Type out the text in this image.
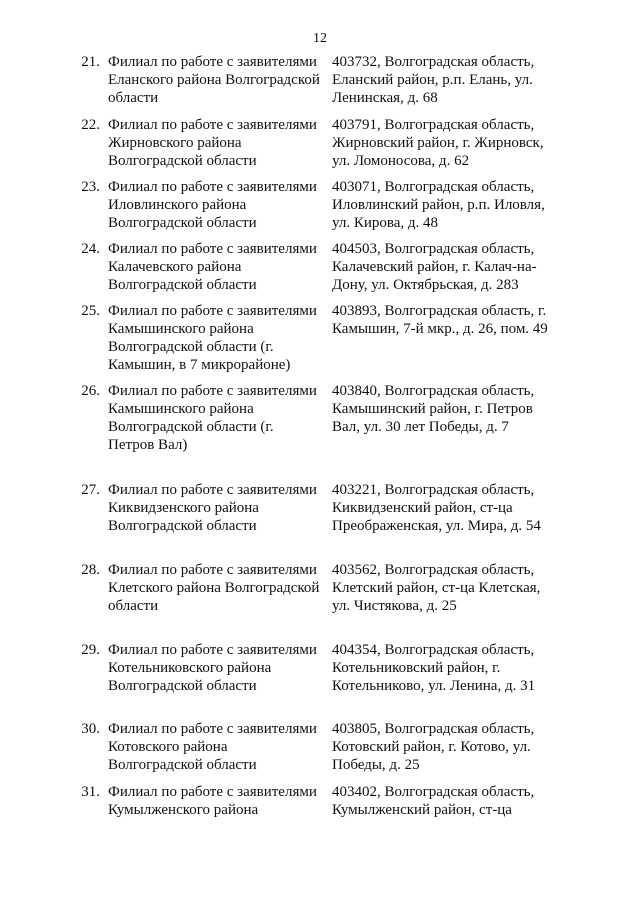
12
21. Филиал по работе с заявителями
Еланского района Волгоградской
области
403732, Волгоградская область,
Еланский район, р.п. Елань, ул.
Ленинская, д. 68
22. Филиал по работе с заявителями
Жирновского района
Волгоградской области
403791, Волгоградская область,
Жирновский район, г. Жирновск,
ул. Ломоносова, д. 62
23. Филиал по работе с заявителями
Иловлинского района
Волгоградской области
403071, Волгоградская область,
Иловлинский район, р.п. Иловля,
ул. Кирова, д. 48
24. Филиал по работе с заявителями
Калачевского района
Волгоградской области
404503, Волгоградская область,
Калачевский район, г. Калач-на-
Дону, ул. Октябрьская, д. 283
25. Филиал по работе с заявителями
Камышинского района
Волгоградской области (г.
Камышин, в 7 микрорайоне)
403893, Волгоградская область, г.
Камышин, 7-й мкр., д. 26, пом. 49
26. Филиал по работе с заявителями
Камышинского района
Волгоградской области (г.
Петров Вал)
403840, Волгоградская область,
Камышинский район, г. Петров
Вал, ул. 30 лет Победы, д. 7
27. Филиал по работе с заявителями
Киквидзенского района
Волгоградской области
403221, Волгоградская область,
Киквидзенский район, ст-ца
Преображенская, ул. Мира, д. 54
28. Филиал по работе с заявителями
Клетского района Волгоградской
области
403562, Волгоградская область,
Клетский район, ст-ца Клетская,
ул. Чистякова, д. 25
29. Филиал по работе с заявителями
Котельниковского района
Волгоградской области
404354, Волгоградская область,
Котельниковский район, г.
Котельниково, ул. Ленина, д. 31
30. Филиал по работе с заявителями
Котовского района
Волгоградской области
403805, Волгоградская область,
Котовский район, г. Котово, ул.
Победы, д. 25
31. Филиал по работе с заявителями
Кумылженского района
403402, Волгоградская область,
Кумылженский район, ст-ца
